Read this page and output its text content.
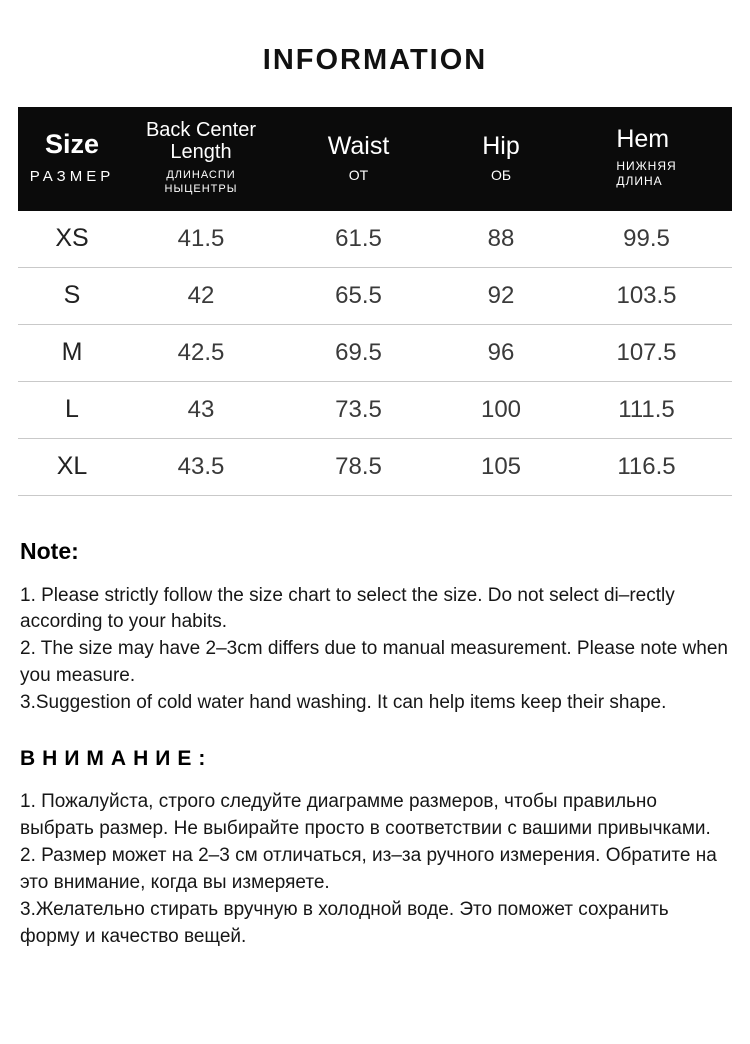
INFORMATION
Size
РАЗМЕР

Back Center
Length
ДЛИНАСПИ
НЫЦЕНТРЫ

Waist
ОТ

Hip
ОБ

Hem
НИЖНЯЯ
ДЛИНА

XS	41.5	61.5	88	99.5
S	42	65.5	92	103.5
M	42.5	69.5	96	107.5
L	43	73.5	100	111.5
XL	43.5	78.5	105	116.5
Note:

1. Please strictly follow the size chart to select the size. Do not select di–rectly according to your habits.

2. The size may have 2–3cm differs due to manual measurement. Please note when you measure.

3.Suggestion of cold water hand washing. It can help items keep their shape.

ВНИМАНИЕ:

1. Пожалуйста, строго следуйте диаграмме размеров, чтобы правильно выбрать размер. Не выбирайте просто в соответствии с вашими привычками.

2. Размер может на 2–3 см отличаться, из–за ручного измерения. Обратите на это внимание, когда вы измеряете.

3.Желательно стирать вручную в холодной воде. Это поможет сохранить форму и качество вещей.
